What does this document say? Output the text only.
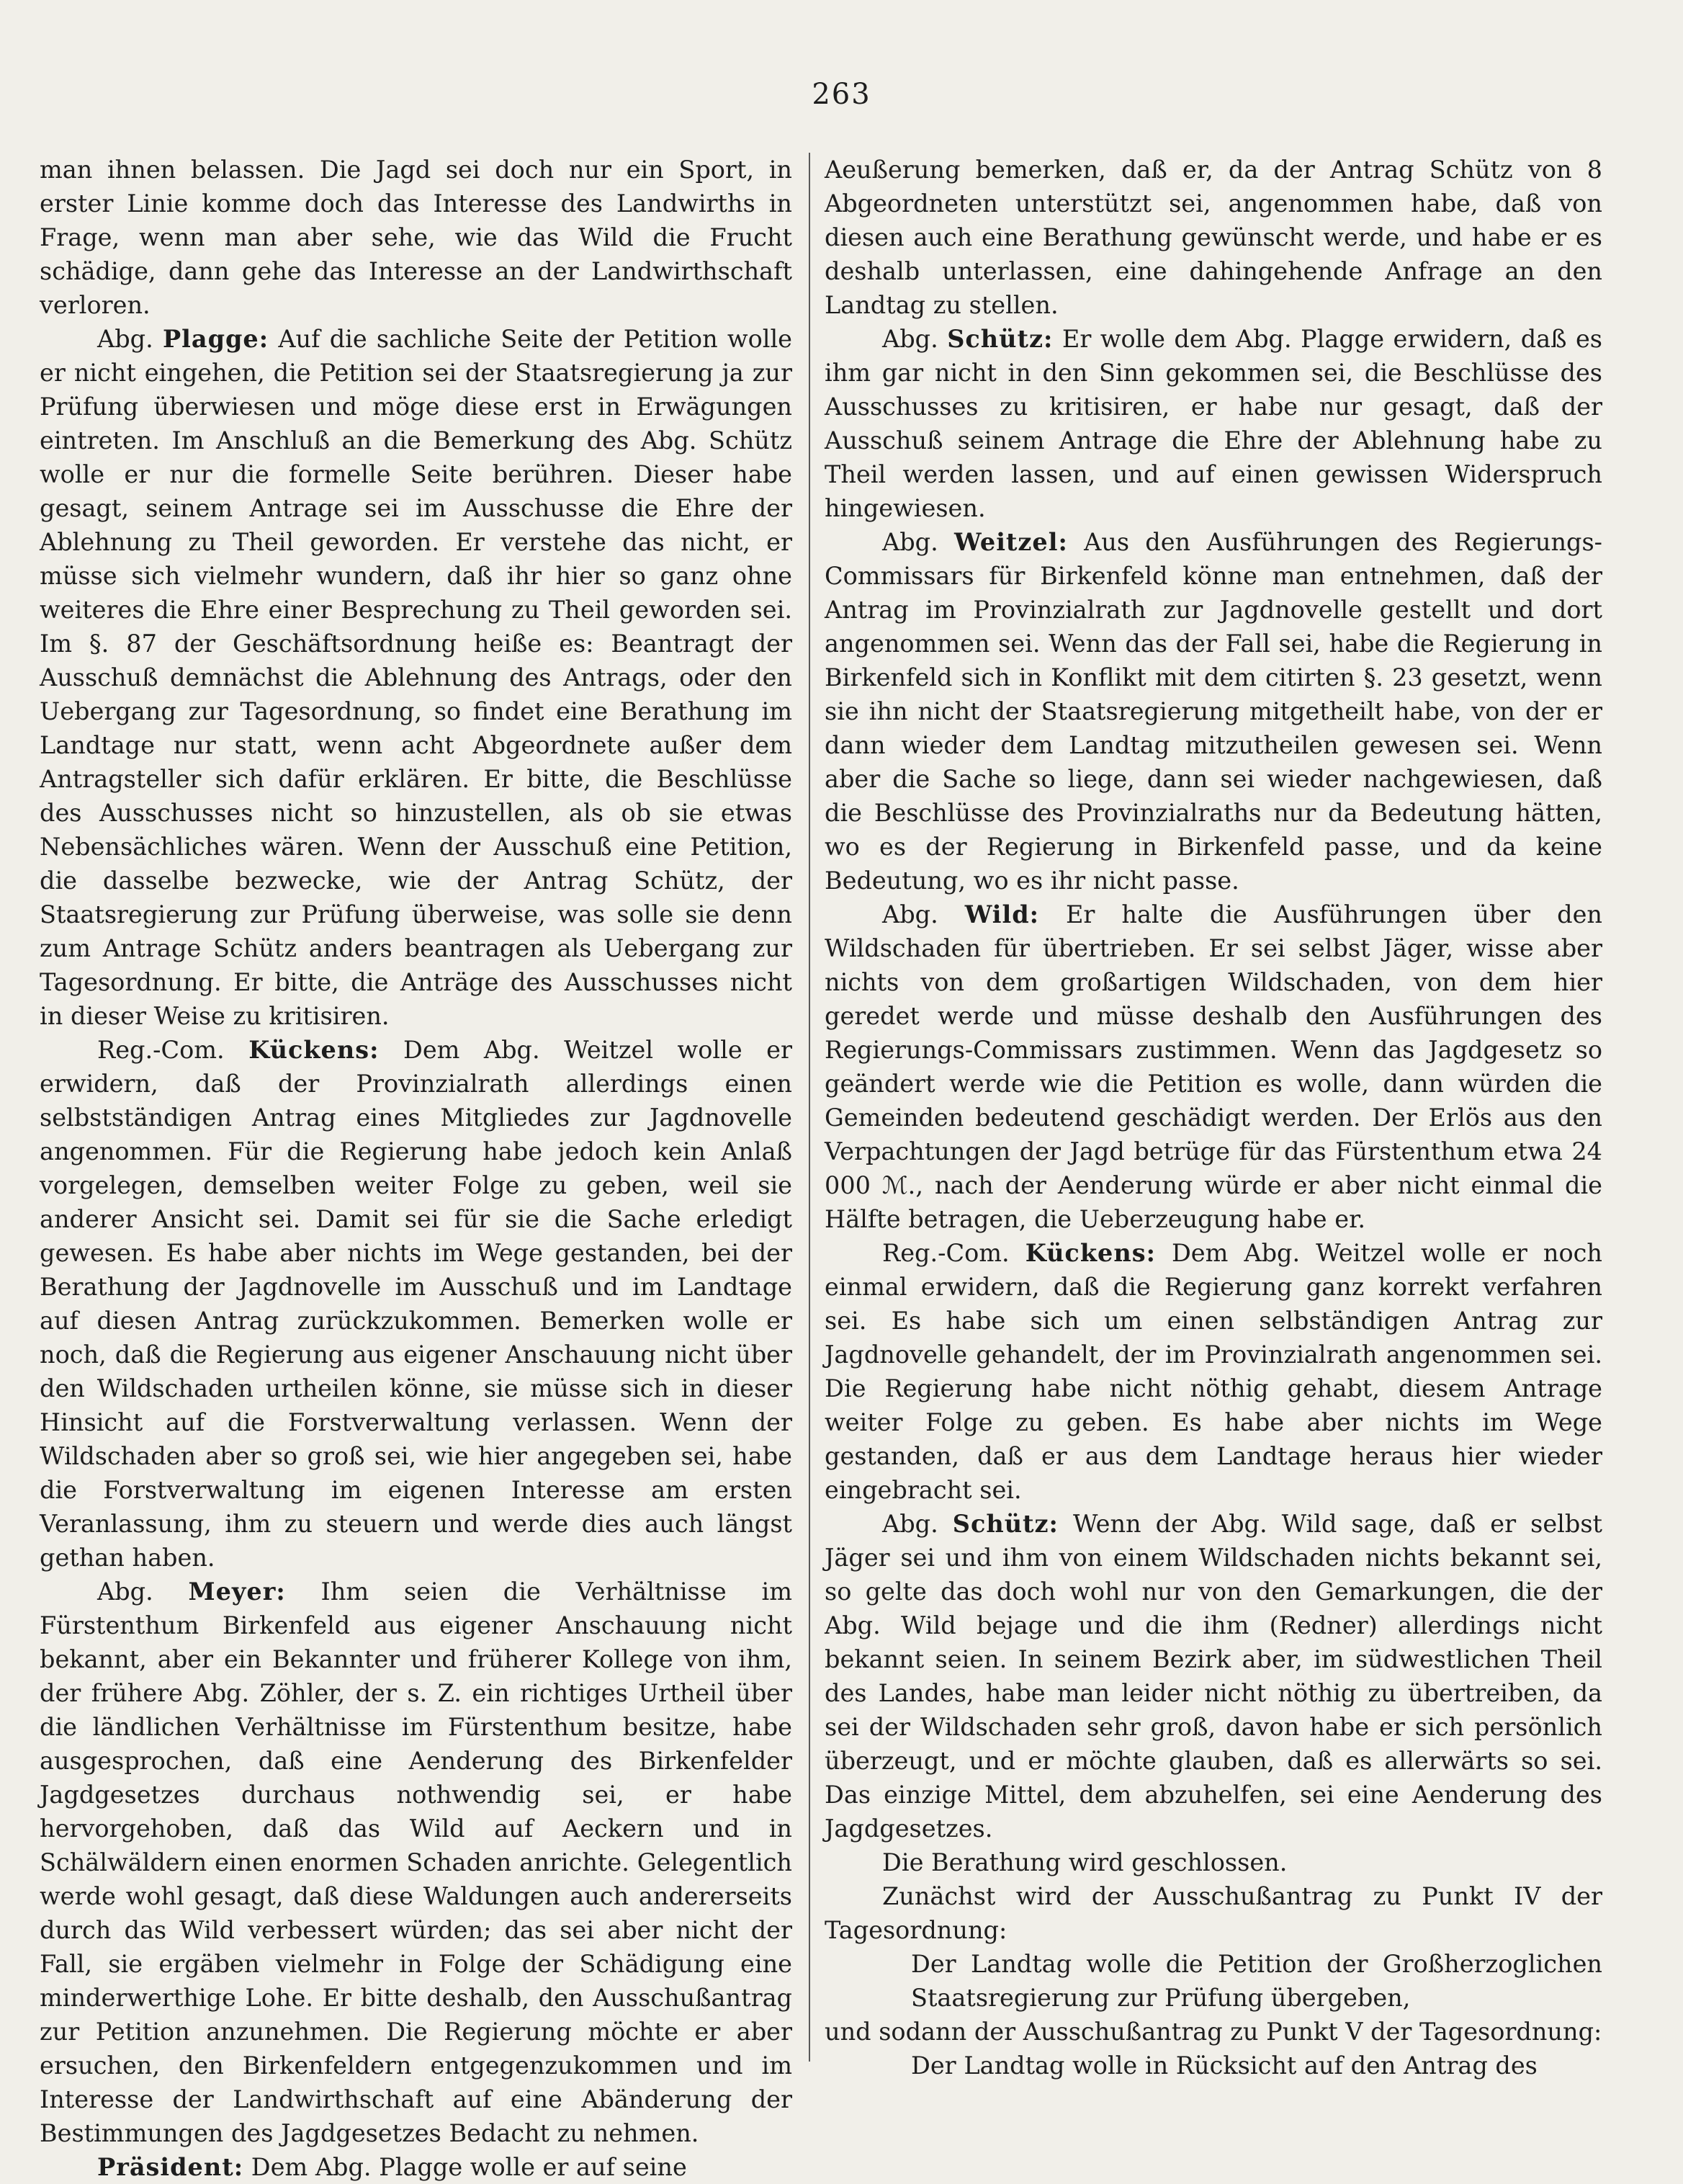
263

man ihnen belassen. Die Jagd sei doch nur ein Sport, in erster Linie komme doch das Interesse des Landwirths in Frage, wenn man aber sehe, wie das Wild die Frucht schädige, dann gehe das Interesse an der Landwirthschaft verloren.

Abg. Plagge: Auf die sachliche Seite der Petition wolle er nicht eingehen, die Petition sei der Staatsregierung ja zur Prüfung überwiesen und möge diese erst in Erwägungen eintreten. Im Anschluß an die Bemerkung des Abg. Schütz wolle er nur die formelle Seite berühren. Dieser habe gesagt, seinem Antrage sei im Ausschusse die Ehre der Ablehnung zu Theil geworden. Er verstehe das nicht, er müsse sich vielmehr wundern, daß ihr hier so ganz ohne weiteres die Ehre einer Besprechung zu Theil geworden sei. Im §. 87 der Geschäftsordnung heiße es: Beantragt der Ausschuß demnächst die Ablehnung des Antrags, oder den Uebergang zur Tagesordnung, so findet eine Berathung im Landtage nur statt, wenn acht Abgeordnete außer dem Antragsteller sich dafür erklären. Er bitte, die Beschlüsse des Ausschusses nicht so hinzustellen, als ob sie etwas Nebensächliches wären. Wenn der Ausschuß eine Petition, die dasselbe bezwecke, wie der Antrag Schütz, der Staatsregierung zur Prüfung überweise, was solle sie denn zum Antrage Schütz anders beantragen als Uebergang zur Tagesordnung. Er bitte, die Anträge des Ausschusses nicht in dieser Weise zu kritisiren.

Reg.-Com. Kückens: Dem Abg. Weitzel wolle er erwidern, daß der Provinzialrath allerdings einen selbstständigen Antrag eines Mitgliedes zur Jagdnovelle angenommen. Für die Regierung habe jedoch kein Anlaß vorgelegen, demselben weiter Folge zu geben, weil sie anderer Ansicht sei. Damit sei für sie die Sache erledigt gewesen. Es habe aber nichts im Wege gestanden, bei der Berathung der Jagdnovelle im Ausschuß und im Landtage auf diesen Antrag zurückzukommen. Bemerken wolle er noch, daß die Regierung aus eigener Anschauung nicht über den Wildschaden urtheilen könne, sie müsse sich in dieser Hinsicht auf die Forstverwaltung verlassen. Wenn der Wildschaden aber so groß sei, wie hier angegeben sei, habe die Forstverwaltung im eigenen Interesse am ersten Veranlassung, ihm zu steuern und werde dies auch längst gethan haben.

Abg. Meyer: Ihm seien die Verhältnisse im Fürstenthum Birkenfeld aus eigener Anschauung nicht bekannt, aber ein Bekannter und früherer Kollege von ihm, der frühere Abg. Zöhler, der s. Z. ein richtiges Urtheil über die ländlichen Verhältnisse im Fürstenthum besitze, habe ausgesprochen, daß eine Aenderung des Birkenfelder Jagdgesetzes durchaus nothwendig sei, er habe hervorgehoben, daß das Wild auf Aeckern und in Schälwäldern einen enormen Schaden anrichte. Gelegentlich werde wohl gesagt, daß diese Waldungen auch andererseits durch das Wild verbessert würden; das sei aber nicht der Fall, sie ergäben vielmehr in Folge der Schädigung eine minderwerthige Lohe. Er bitte deshalb, den Ausschußantrag zur Petition anzunehmen. Die Regierung möchte er aber ersuchen, den Birkenfeldern entgegenzukommen und im Interesse der Landwirthschaft auf eine Abänderung der Bestimmungen des Jagdgesetzes Bedacht zu nehmen.

Präsident: Dem Abg. Plagge wolle er auf seine

Aeußerung bemerken, daß er, da der Antrag Schütz von 8 Abgeordneten unterstützt sei, angenommen habe, daß von diesen auch eine Berathung gewünscht werde, und habe er es deshalb unterlassen, eine dahingehende Anfrage an den Landtag zu stellen.

Abg. Schütz: Er wolle dem Abg. Plagge erwidern, daß es ihm gar nicht in den Sinn gekommen sei, die Beschlüsse des Ausschusses zu kritisiren, er habe nur gesagt, daß der Ausschuß seinem Antrage die Ehre der Ablehnung habe zu Theil werden lassen, und auf einen gewissen Widerspruch hingewiesen.

Abg. Weitzel: Aus den Ausführungen des Regierungs-Commissars für Birkenfeld könne man entnehmen, daß der Antrag im Provinzialrath zur Jagdnovelle gestellt und dort angenommen sei. Wenn das der Fall sei, habe die Regierung in Birkenfeld sich in Konflikt mit dem citirten §. 23 gesetzt, wenn sie ihn nicht der Staatsregierung mitgetheilt habe, von der er dann wieder dem Landtag mitzutheilen gewesen sei. Wenn aber die Sache so liege, dann sei wieder nachgewiesen, daß die Beschlüsse des Provinzialraths nur da Bedeutung hätten, wo es der Regierung in Birkenfeld passe, und da keine Bedeutung, wo es ihr nicht passe.

Abg. Wild: Er halte die Ausführungen über den Wildschaden für übertrieben. Er sei selbst Jäger, wisse aber nichts von dem großartigen Wildschaden, von dem hier geredet werde und müsse deshalb den Ausführungen des Regierungs-Commissars zustimmen. Wenn das Jagdgesetz so geändert werde wie die Petition es wolle, dann würden die Gemeinden bedeutend geschädigt werden. Der Erlös aus den Verpachtungen der Jagd betrüge für das Fürstenthum etwa 24 000 ℳ., nach der Aenderung würde er aber nicht einmal die Hälfte betragen, die Ueberzeugung habe er.

Reg.-Com. Kückens: Dem Abg. Weitzel wolle er noch einmal erwidern, daß die Regierung ganz korrekt verfahren sei. Es habe sich um einen selbständigen Antrag zur Jagdnovelle gehandelt, der im Provinzialrath angenommen sei. Die Regierung habe nicht nöthig gehabt, diesem Antrage weiter Folge zu geben. Es habe aber nichts im Wege gestanden, daß er aus dem Landtage heraus hier wieder eingebracht sei.

Abg. Schütz: Wenn der Abg. Wild sage, daß er selbst Jäger sei und ihm von einem Wildschaden nichts bekannt sei, so gelte das doch wohl nur von den Gemarkungen, die der Abg. Wild bejage und die ihm (Redner) allerdings nicht bekannt seien. In seinem Bezirk aber, im südwestlichen Theil des Landes, habe man leider nicht nöthig zu übertreiben, da sei der Wildschaden sehr groß, davon habe er sich persönlich überzeugt, und er möchte glauben, daß es allerwärts so sei. Das einzige Mittel, dem abzuhelfen, sei eine Aenderung des Jagdgesetzes.

Die Berathung wird geschlossen.

Zunächst wird der Ausschußantrag zu Punkt IV der Tagesordnung:

Der Landtag wolle die Petition der Großherzoglichen Staatsregierung zur Prüfung übergeben,

und sodann der Ausschußantrag zu Punkt V der Tagesordnung:

Der Landtag wolle in Rücksicht auf den Antrag des
